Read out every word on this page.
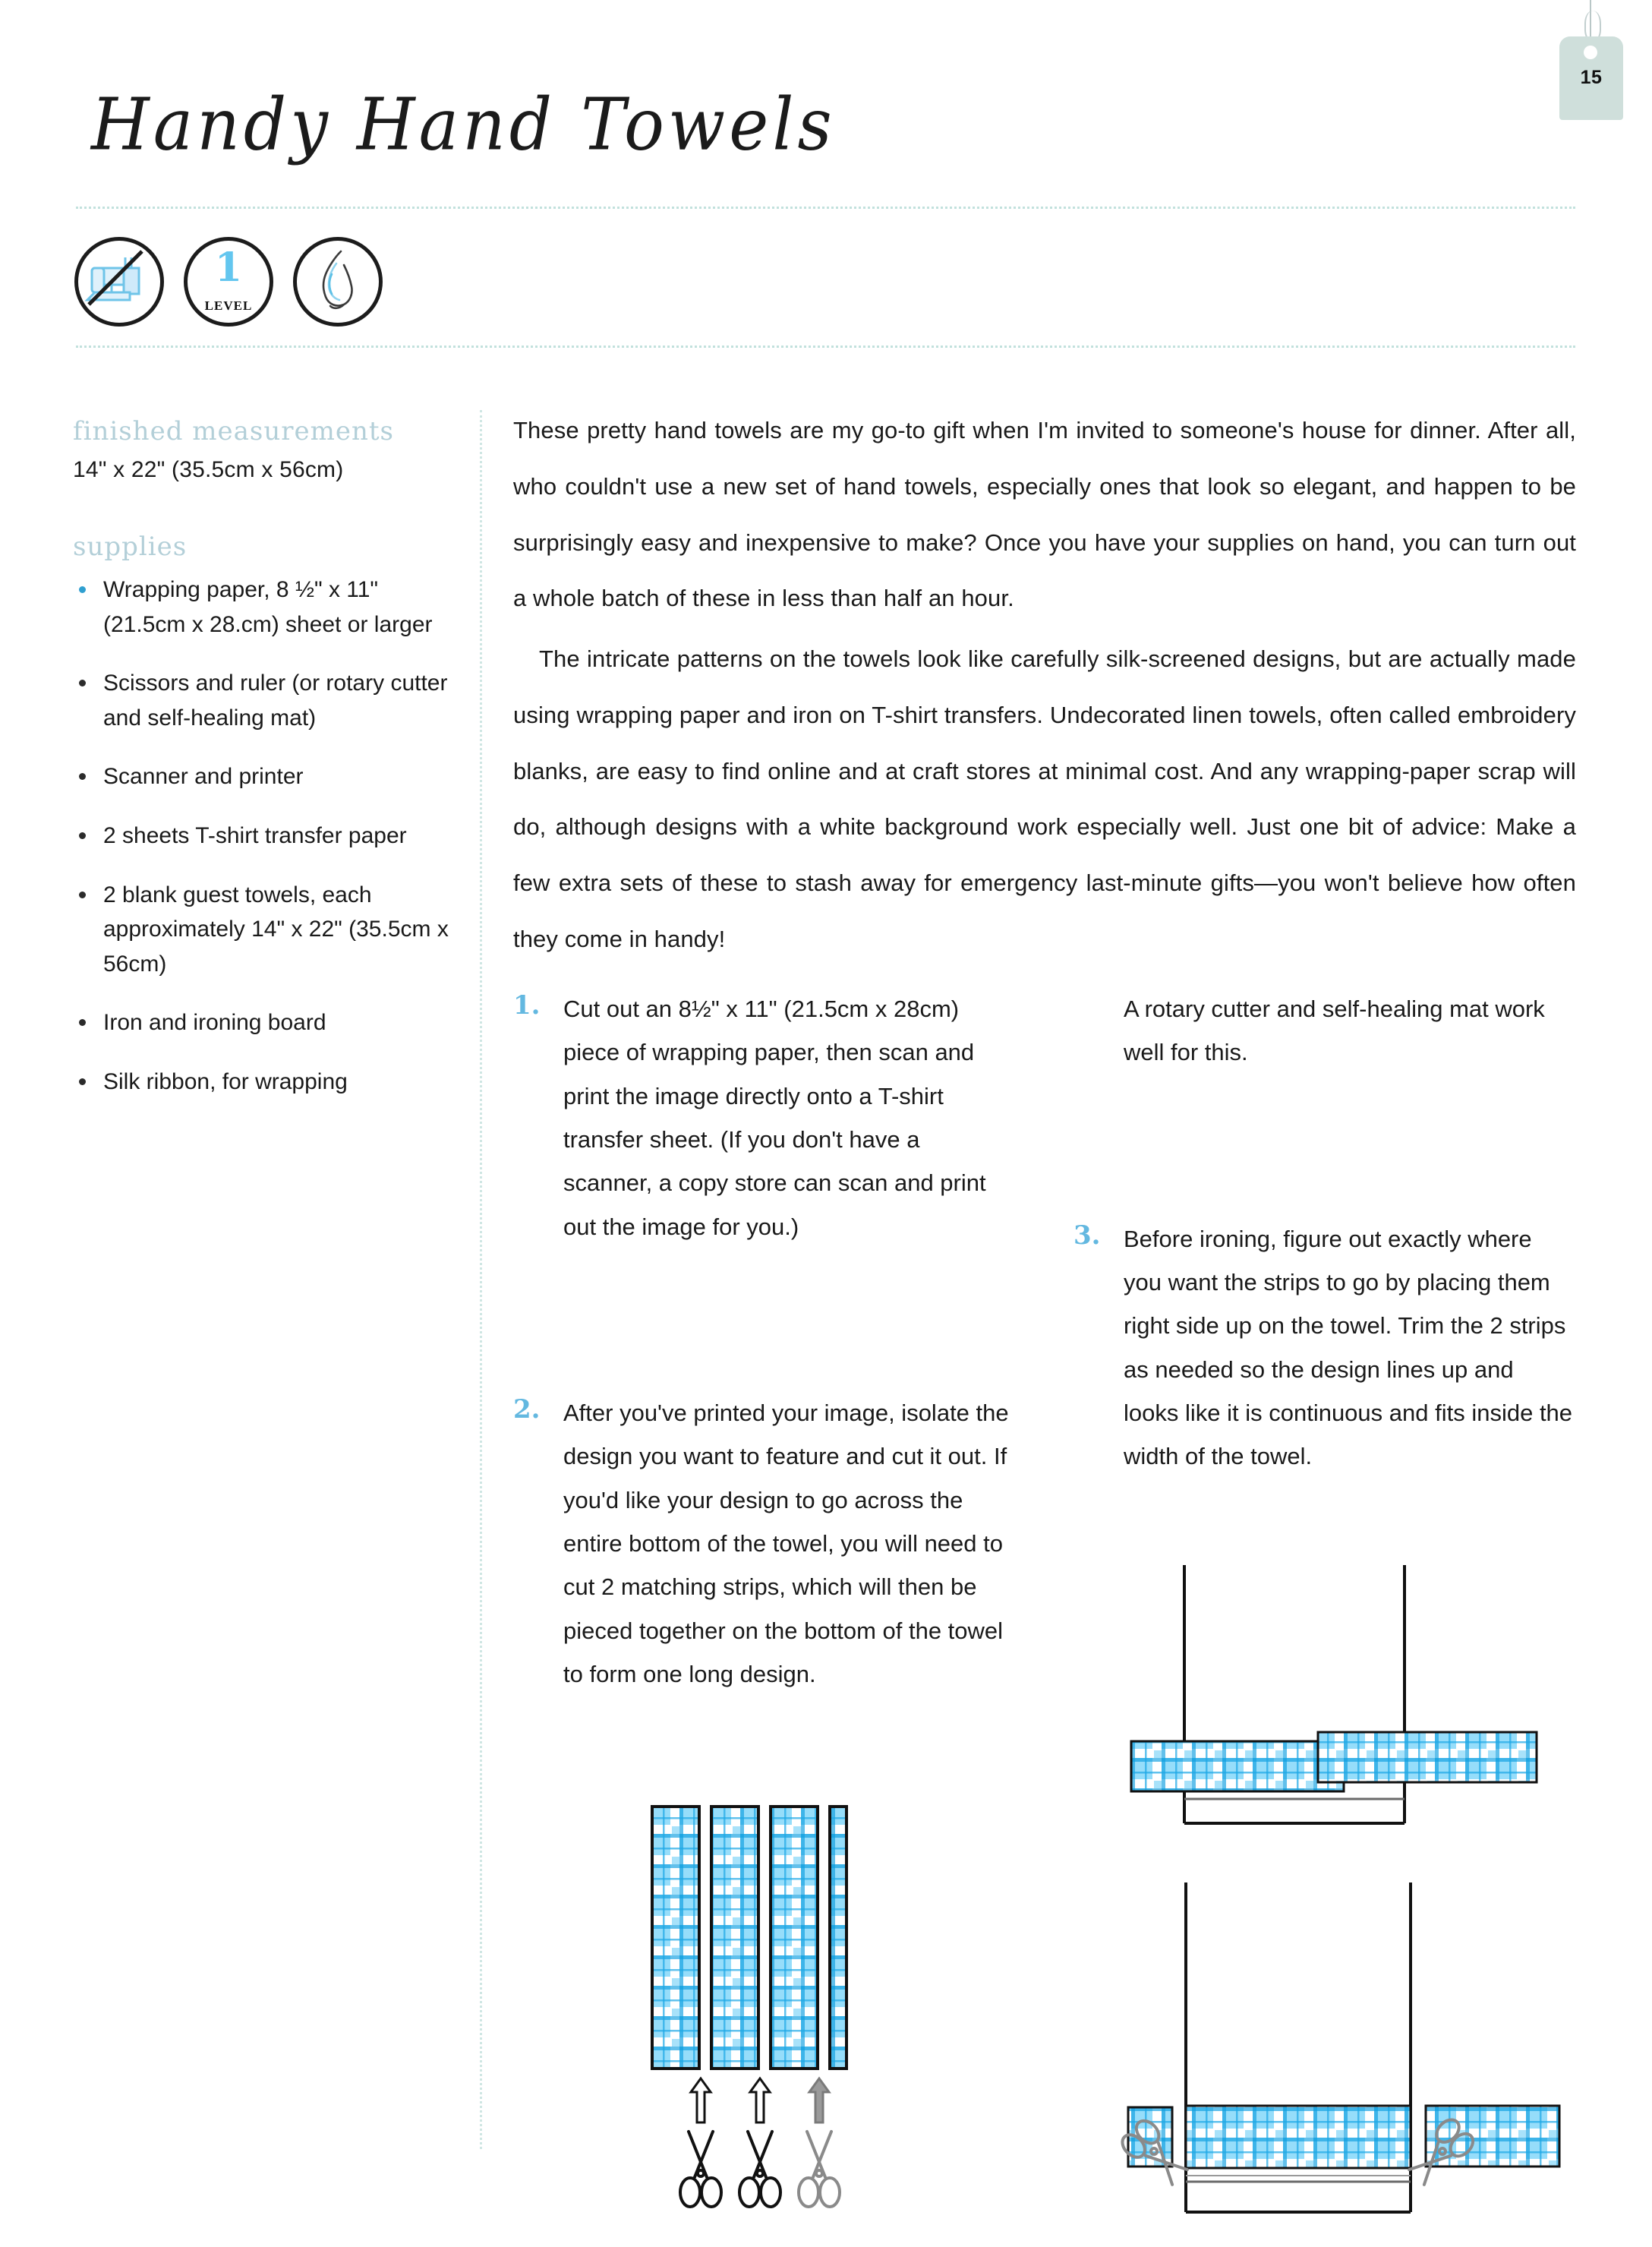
15
Handy Hand Towels
1
LEVEL
finished measurements

14" x 22" (35.5cm x 56cm)

supplies
Wrapping paper, 8 ½" x 11" (21.5cm x 28.cm) sheet or larger
Scissors and ruler (or rotary cutter and self-healing mat)
Scanner and printer
2 sheets T-shirt transfer paper
2 blank guest towels, each approximately 14" x 22" (35.5cm x 56cm)
Iron and ironing board
Silk ribbon, for wrapping

These pretty hand towels are my go-to gift when I'm invited to someone's house for dinner. After all, who couldn't use a new set of hand towels, especially ones that look so elegant, and happen to be surprisingly easy and inexpensive to make? Once you have your supplies on hand, you can turn out a whole batch of these in less than half an hour.

The intricate patterns on the towels look like carefully silk-screened designs, but are actually made using wrapping paper and iron on T-shirt transfers. Undecorated linen towels, often called embroidery blanks, are easy to find online and at craft stores at minimal cost. And any wrapping-paper scrap will do, although designs with a white background work especially well. Just one bit of advice: Make a few extra sets of these to stash away for emergency last-minute gifts—you won't believe how often they come in handy!

1. Cut out an 8½" x 11" (21.5cm x 28cm) piece of wrapping paper, then scan and print the image directly onto a T-shirt transfer sheet. (If you don't have a scanner, a copy store can scan and print out the image for you.)
2. After you've printed your image, isolate the design you want to feature and cut it out. If you'd like your design to go across the entire bottom of the towel, you will need to cut 2 matching strips, which will then be pieced together on the bottom of the towel to form one long design.
A rotary cutter and self-healing mat work well for this.
3. Before ironing, figure out exactly where you want the strips to go by placing them right side up on the towel. Trim the 2 strips as needed so the design lines up and looks like it is continuous and fits inside the width of the towel.
